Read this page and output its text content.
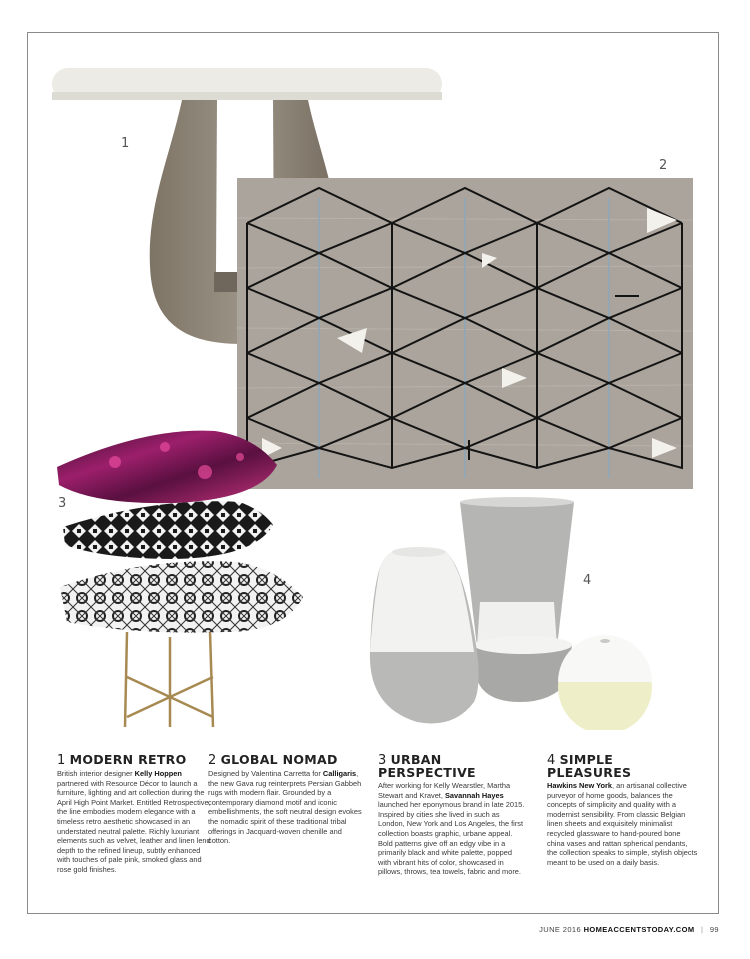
1
2
3
4
1 MODERN RETRO

British interior designer Kelly Hoppen partnered with Resource Décor to launch a furniture, lighting and art collection during the April High Point Market. Entitled Retrospective, the line embodies modern elegance with a timeless retro aesthetic showcased in an understated neutral palette. Richly luxuriant elements such as velvet, leather and linen lend depth to the refined lineup, subtly enhanced with touches of pale pink, smoked glass and rose gold finishes.

2 GLOBAL NOMAD

Designed by Valentina Carretta for Calligaris, the new Gava rug reinterprets Persian Gabbeh rugs with modern flair. Grounded by a contemporary diamond motif and iconic embellishments, the soft neutral design evokes the nomadic spirit of these traditional tribal offerings in Jacquard-woven chenille and cotton.

3 URBAN PERSPECTIVE

After working for Kelly Wearstler, Martha Stewart and Kravet, Savannah Hayes launched her eponymous brand in late 2015. Inspired by cities she lived in such as London, New York and Los Angeles, the first collection boasts graphic, urbane appeal. Bold patterns give off an edgy vibe in a primarily black and white palette, popped with vibrant hits of color, showcased in pillows, throws, tea towels, fabric and more.

4 SIMPLE PLEASURES

Hawkins New York, an artisanal collective purveyor of home goods, balances the concepts of simplicity and quality with a modernist sensibility. From classic Belgian linen sheets and exquisitely minimalist recycled glassware to hand-poured bone china vases and rattan spherical pendants, the collection speaks to simple, stylish objects meant to be used on a daily basis.

JUNE 2016 HOMEACCENTSTODAY.COM | 99
